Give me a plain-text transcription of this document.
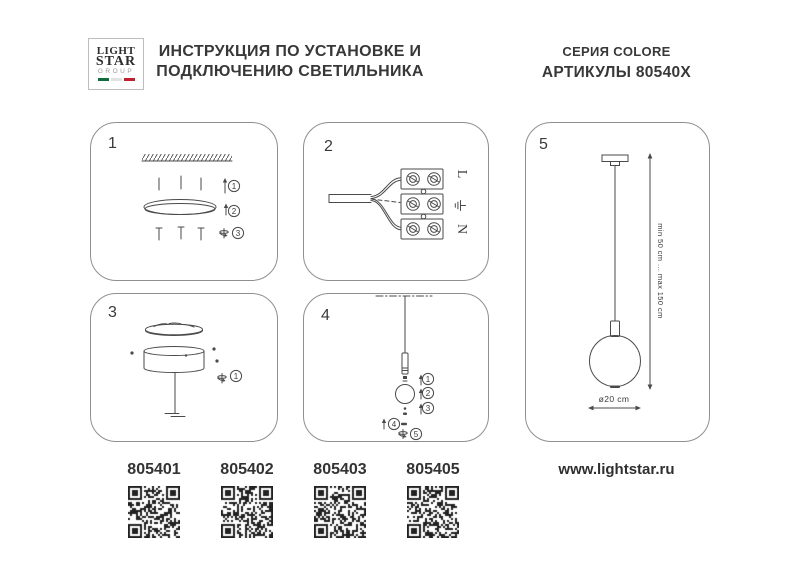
LIGHT
STAR
GROUP
ИНСТРУКЦИЯ ПО УСТАНОВКЕ И
ПОДКЛЮЧЕНИЮ СВЕТИЛЬНИКА
СЕРИЯ COLORE
АРТИКУЛЫ 80540X
1
1
2
3
2
L
N
3
1
4
1
2
3
4
5
5
min 50 cm ... max 150 cm
ø20 cm
805401	805402	805403	805405	www.lightstar.ru
